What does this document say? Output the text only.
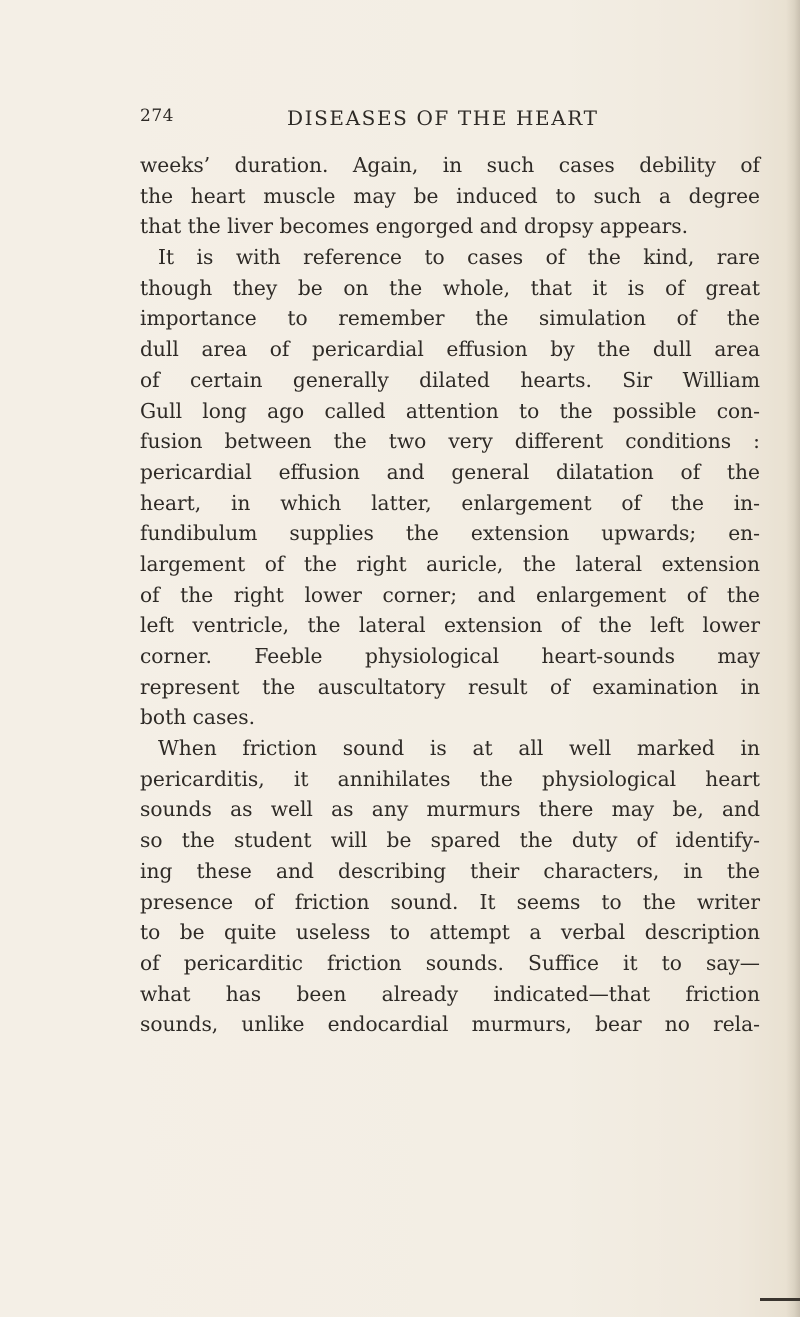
274	DISEASES OF THE HEART
weeks’ duration. Again, in such cases debility of
the heart muscle may be induced to such a degree
that the liver becomes engorged and dropsy appears.
It is with reference to cases of the kind, rare
though they be on the whole, that it is of great
importance to remember the simulation of the
dull area of pericardial effusion by the dull area
of certain generally dilated hearts. Sir William
Gull long ago called attention to the possible con-
fusion between the two very different conditions :
pericardial effusion and general dilatation of the
heart, in which latter, enlargement of the in-
fundibulum supplies the extension upwards; en-
largement of the right auricle, the lateral extension
of the right lower corner; and enlargement of the
left ventricle, the lateral extension of the left lower
corner. Feeble physiological heart-sounds may
represent the auscultatory result of examination in
both cases.
When friction sound is at all well marked in
pericarditis, it annihilates the physiological heart
sounds as well as any murmurs there may be, and
so the student will be spared the duty of identify-
ing these and describing their characters, in the
presence of friction sound. It seems to the writer
to be quite useless to attempt a verbal description
of pericarditic friction sounds. Suffice it to say—
what has been already indicated—that friction
sounds, unlike endocardial murmurs, bear no rela-
